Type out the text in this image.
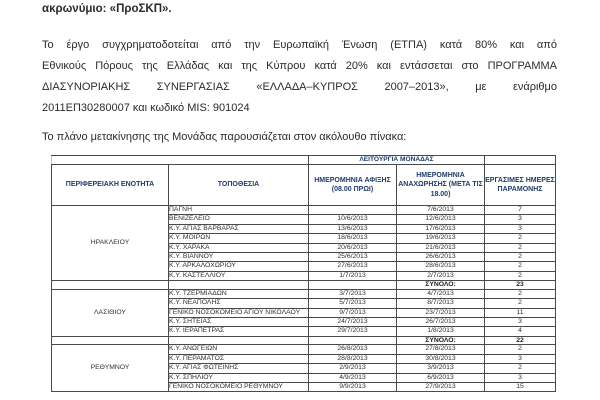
ακρωνύμιο: «ΠροΣΚΠ».

Το έργο συγχρηματοδοτείται από την Ευρωπαϊκή Ένωση (ΕΤΠΑ) κατά 80% και από
Εθνικούς Πόρους της Ελλάδας και της Κύπρου κατά 20% και εντάσσεται στο ΠΡΟΓΡΑΜΜΑ
ΔΙΑΣΥΝΟΡΙΑΚΗΣ ΣΥΝΕΡΓΑΣΙΑΣ «ΕΛΛΑΔΑ–ΚΥΠΡΟΣ 2007–2013», με ενάριθμο
2011ΕΠ30280007 και κωδικό MIS: 901024

Το πλάνο μετακίνησης της Μονάδας παρουσιάζεται στον ακόλουθο πίνακα:

		ΛΕΙΤΟΥΡΓΙΑ ΜΟΝΑΔΑΣ		
ΠΕΡΙΦΕΡΕΙΑΚΗ ΕΝΟΤΗΤΑ	ΤΟΠΟΘΕΣΙΑ	ΗΜΕΡΟΜΗΝΙΑ ΑΦΙΞΗΣ (08.00 ΠΡΩΙ)	ΗΜΕΡΟΜΗΝΙΑ ΑΝΑΧΩΡΗΣΗΣ (ΜΕΤΑ ΤΙΣ 18.00)	ΕΡΓΑΣΙΜΕΣ ΗΜΕΡΕΣ ΠΑΡΑΜΟΝΗΣ
ΗΡΑΚΛΕΙΟΥ	ΠΑΓΝΗ		7/6/2013	7
	ΒΕΝΙΖΕΛΕΙΟ	10/6/2013	12/6/2013	3
	Κ.Υ. ΑΓΙΑΣ ΒΑΡΒΑΡΑΣ	13/6/2013	17/6/2013	3
	Κ.Υ. ΜΟΙΡΩΝ	18/6/2013	19/6/2013	2
	Κ.Υ. ΧΑΡΑΚΑ	20/6/2013	21/6/2013	2
	Κ.Υ. ΒΙΑΝΝΟΥ	25/6/2013	26/6/2013	2
	Κ.Υ. ΑΡΚΑΛΟΧΩΡΙΟΥ	27/6/2013	28/6/2013	2
	Κ.Υ. ΚΑΣΤΕΛΛΙΟΥ	1/7/2013	2/7/2013	2
			ΣΥΝΟΛΟ:	23
ΛΑΣΙΘΙΟΥ	Κ.Υ. ΤΖΕΡΜΙΑΔΩΝ	3/7/2013	4/7/2013	2
	Κ.Υ. ΝΕΑΠΟΛΗΣ	5/7/2013	8/7/2013	2
	ΓΕΝΙΚΟ ΝΟΣΟΚΟΜΕΙΟ ΑΓΙΟΥ ΝΙΚΟΛΑΟΥ	9/7/2013	23/7/2013	11
	Κ.Υ. ΣΗΤΕΙΑΣ	24/7/2013	26/7/2013	3
	Κ.Υ. ΙΕΡΑΠΕΤΡΑΣ	29/7/2013	1/8/2013	4
			ΣΥΝΟΛΟ:	22
ΡΕΘΥΜΝΟΥ	Κ.Υ. ΑΝΩΓΕΙΩΝ	26/8/2013	27/8/2013	2
	Κ.Υ. ΠΕΡΑΜΑΤΟΣ	28/8/2013	30/8/2013	3
	Κ.Υ. ΑΓΙΑΣ ΦΩΤΕΙΝΗΣ	2/9/2013	3/9/2013	2
	Κ.Υ. ΣΠΗΛΙΟΥ	4/9/2013	6/9/2013	3
	ΓΕΝΙΚΟ ΝΟΣΟΚΟΜΕΙΟ ΡΕΘΥΜΝΟΥ	9/9/2013	27/9/2013	15
